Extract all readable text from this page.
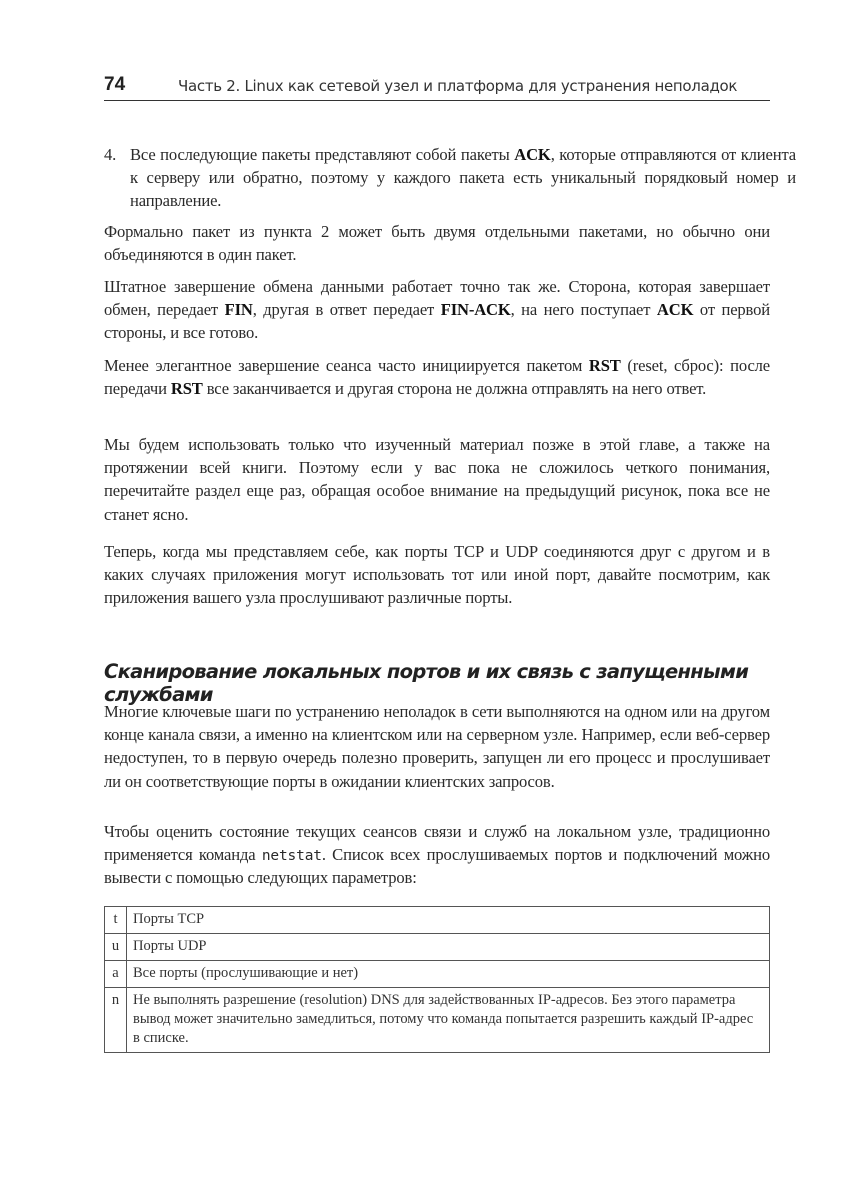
74	Часть 2. Linux как сетевой узел и платформа для устранения неполадок
4. Все последующие пакеты представляют собой пакеты ACK, которые отправляются от клиента к серверу или обратно, поэтому у каждого пакета есть уникальный порядковый номер и направление.
Формально пакет из пункта 2 может быть двумя отдельными пакетами, но обычно они объединяются в один пакет.
Штатное завершение обмена данными работает точно так же. Сторона, которая завершает обмен, передает FIN, другая в ответ передает FIN-ACK, на него поступает ACK от первой стороны, и все готово.
Менее элегантное завершение сеанса часто инициируется пакетом RST (reset, сброс): после передачи RST все заканчивается и другая сторона не должна отправлять на него ответ.
Мы будем использовать только что изученный материал позже в этой главе, а также на протяжении всей книги. Поэтому если у вас пока не сложилось четкого понимания, перечитайте раздел еще раз, обращая особое внимание на предыдущий рисунок, пока все не станет ясно.
Теперь, когда мы представляем себе, как порты TCP и UDP соединяются друг с другом и в каких случаях приложения могут использовать тот или иной порт, давайте посмотрим, как приложения вашего узла прослушивают различные порты.
Сканирование локальных портов и их связь с запущенными службами
Многие ключевые шаги по устранению неполадок в сети выполняются на одном или на другом конце канала связи, а именно на клиентском или на серверном узле. Например, если веб-сервер недоступен, то в первую очередь полезно проверить, запущен ли его процесс и прослушивает ли он соответствующие порты в ожидании клиентских запросов.
Чтобы оценить состояние текущих сеансов связи и служб на локальном узле, традиционно применяется команда netstat. Список всех прослушиваемых портов и подключений можно вывести с помощью следующих параметров:
t	Порты TCP
u	Порты UDP
a	Все порты (прослушивающие и нет)
n	Не выполнять разрешение (resolution) DNS для задействованных IP-адресов. Без этого параметра вывод может значительно замедлиться, потому что команда попытается разрешить каждый IP-адрес в списке.
